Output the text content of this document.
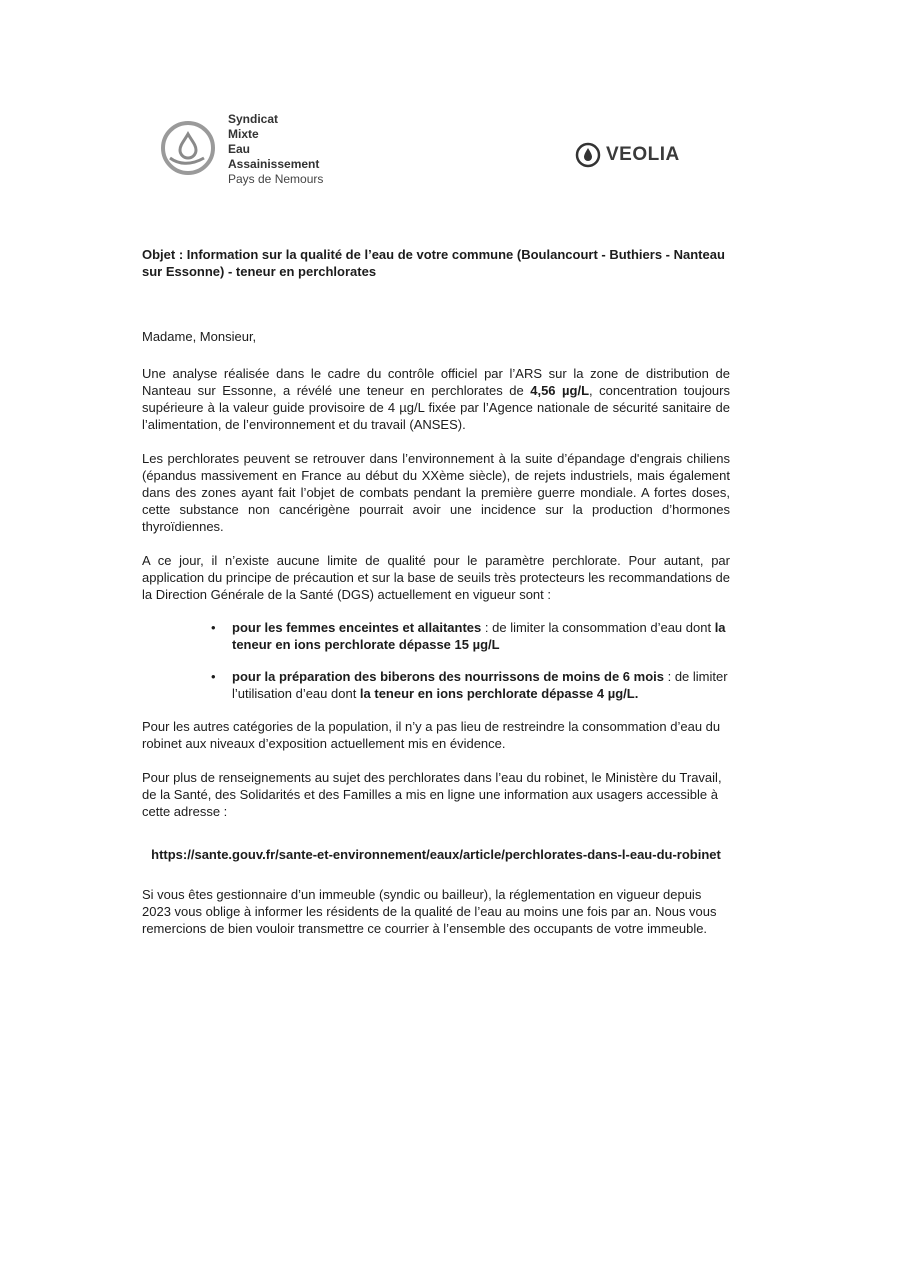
Syndicat
Mixte
Eau
Assainissement
Pays de Nemours
VEOLIA

Objet : Information sur la qualité de l’eau de votre commune (Boulancourt - Buthiers - Nanteau sur Essonne) - teneur en perchlorates

Madame, Monsieur,

Une analyse réalisée dans le cadre du contrôle officiel par l’ARS sur la zone de distribution de Nanteau sur Essonne, a révélé une teneur en perchlorates de 4,56 µg/L, concentration toujours supérieure à la valeur guide provisoire de 4 µg/L fixée par l’Agence nationale de sécurité sanitaire de l’alimentation, de l’environnement et du travail (ANSES).

Les perchlorates peuvent se retrouver dans l’environnement à la suite d’épandage d'engrais chiliens (épandus massivement en France au début du XXème siècle), de rejets industriels, mais également dans des zones ayant fait l’objet de combats pendant la première guerre mondiale. A fortes doses, cette substance non cancérigène pourrait avoir une incidence sur la production d’hormones thyroïdiennes.

A ce jour, il n’existe aucune limite de qualité pour le paramètre perchlorate. Pour autant, par application du principe de précaution et sur la base de seuils très protecteurs les recommandations de la Direction Générale de la Santé (DGS) actuellement en vigueur sont :

• pour les femmes enceintes et allaitantes : de limiter la consommation d’eau dont la teneur en ions perchlorate dépasse 15 µg/L
• pour la préparation des biberons des nourrissons de moins de 6 mois : de limiter l’utilisation d’eau dont la teneur en ions perchlorate dépasse 4 µg/L.

Pour les autres catégories de la population, il n’y a pas lieu de restreindre la consommation d’eau du robinet aux niveaux d’exposition actuellement mis en évidence.

Pour plus de renseignements au sujet des perchlorates dans l’eau du robinet, le Ministère du Travail, de la Santé, des Solidarités et des Familles a mis en ligne une information aux usagers accessible à cette adresse :

https://sante.gouv.fr/sante-et-environnement/eaux/article/perchlorates-dans-l-eau-du-robinet

Si vous êtes gestionnaire d’un immeuble (syndic ou bailleur), la réglementation en vigueur depuis 2023 vous oblige à informer les résidents de la qualité de l’eau au moins une fois par an. Nous vous remercions de bien vouloir transmettre ce courrier à l’ensemble des occupants de votre immeuble.
